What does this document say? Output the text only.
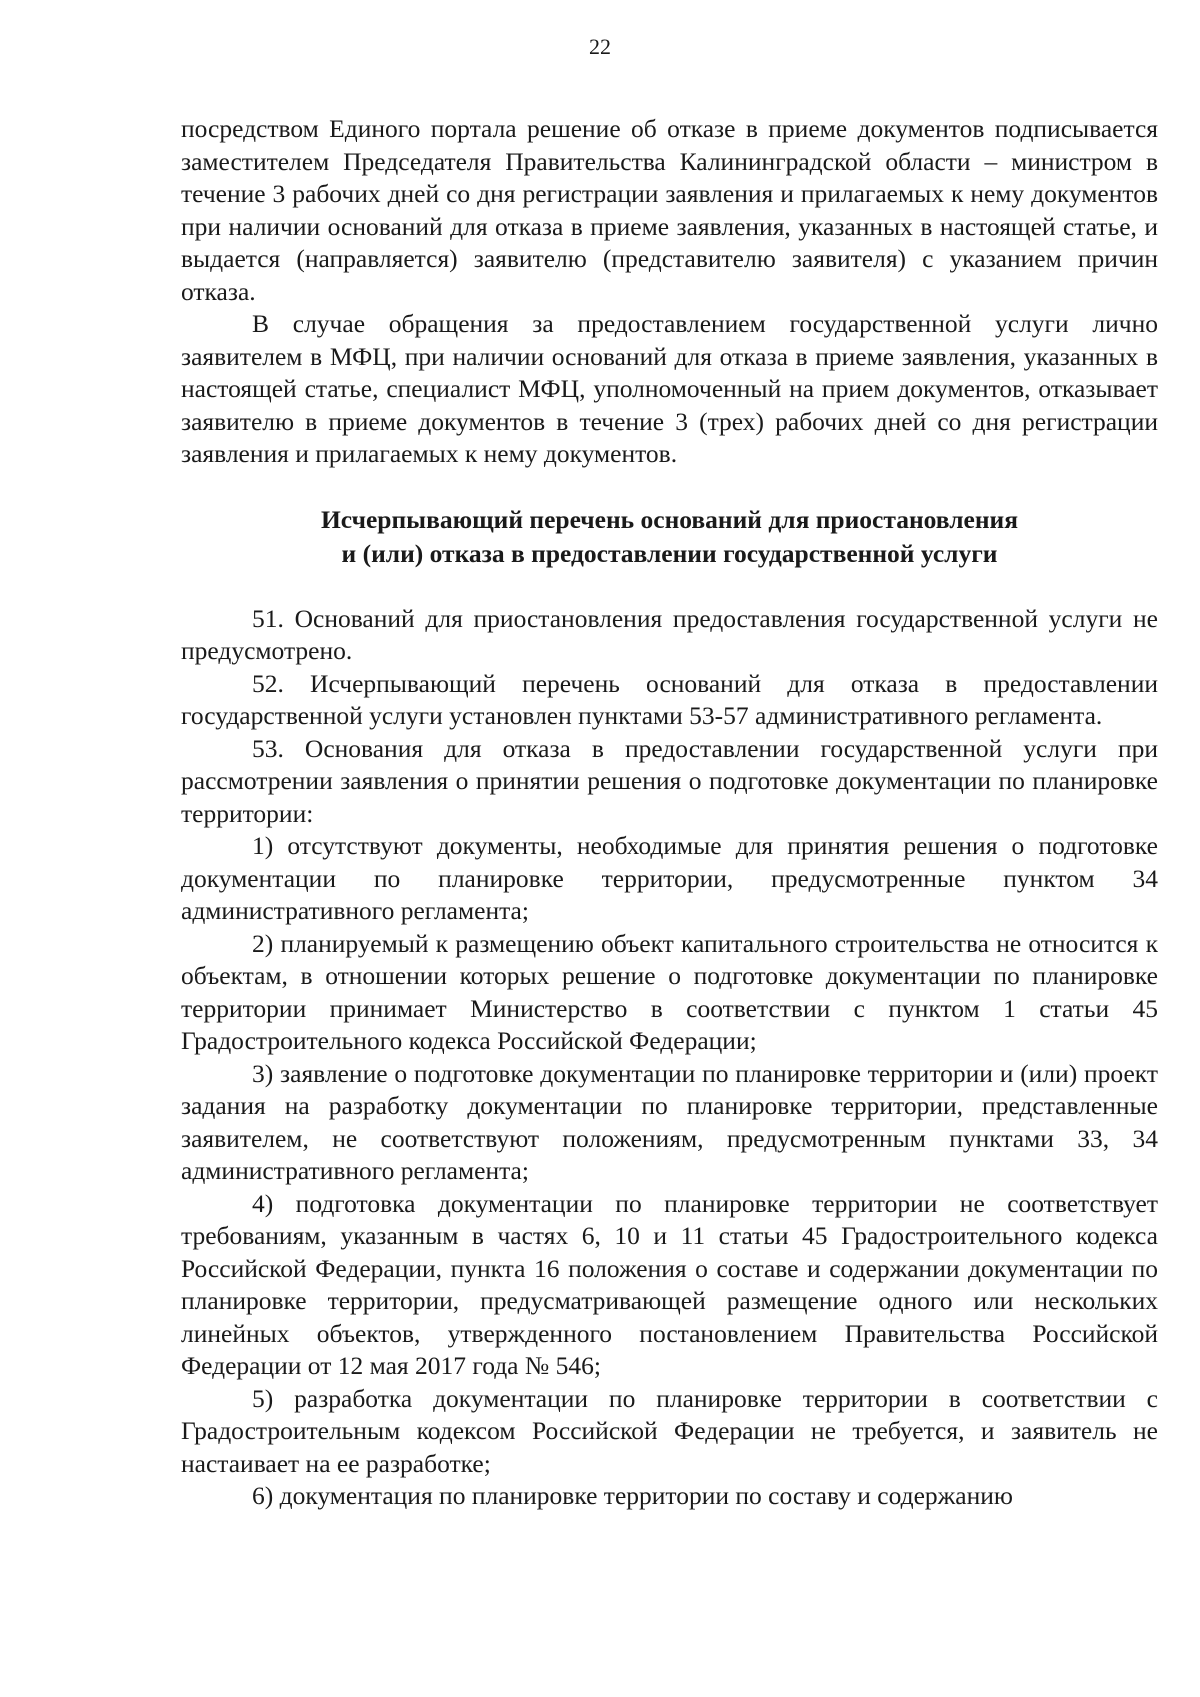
22

посредством Единого портала решение об отказе в приеме документов подписывается заместителем Председателя Правительства Калининградской области – министром в течение 3 рабочих дней со дня регистрации заявления и прилагаемых к нему документов при наличии оснований для отказа в приеме заявления, указанных в настоящей статье, и выдается (направляется) заявителю (представителю заявителя) с указанием причин отказа.

В случае обращения за предоставлением государственной услуги лично заявителем в МФЦ, при наличии оснований для отказа в приеме заявления, указанных в настоящей статье, специалист МФЦ, уполномоченный на прием документов, отказывает заявителю в приеме документов в течение 3 (трех) рабочих дней со дня регистрации заявления и прилагаемых к нему документов.

Исчерпывающий перечень оснований для приостановления
и (или) отказа в предоставлении государственной услуги

51. Оснований для приостановления предоставления государственной услуги не предусмотрено.

52. Исчерпывающий перечень оснований для отказа в предоставлении государственной услуги установлен пунктами 53-57 административного регламента.

53. Основания для отказа в предоставлении государственной услуги при рассмотрении заявления о принятии решения о подготовке документации по планировке территории:

1) отсутствуют документы, необходимые для принятия решения о подготовке документации по планировке территории, предусмотренные пунктом 34 административного регламента;

2) планируемый к размещению объект капитального строительства не относится к объектам, в отношении которых решение о подготовке документации по планировке территории принимает Министерство в соответствии с пунктом 1 статьи 45 Градостроительного кодекса Российской Федерации;

3) заявление о подготовке документации по планировке территории и (или) проект задания на разработку документации по планировке территории, представленные заявителем, не соответствуют положениям, предусмотренным пунктами 33, 34 административного регламента;

4) подготовка документации по планировке территории не соответствует требованиям, указанным в частях 6, 10 и 11 статьи 45 Градостроительного кодекса Российской Федерации, пункта 16 положения о составе и содержании документации по планировке территории, предусматривающей размещение одного или нескольких линейных объектов, утвержденного постановлением Правительства Российской Федерации от 12 мая 2017 года № 546;

5) разработка документации по планировке территории в соответствии с Градостроительным кодексом Российской Федерации не требуется, и заявитель не настаивает на ее разработке;

6) документация по планировке территории по составу и содержанию
